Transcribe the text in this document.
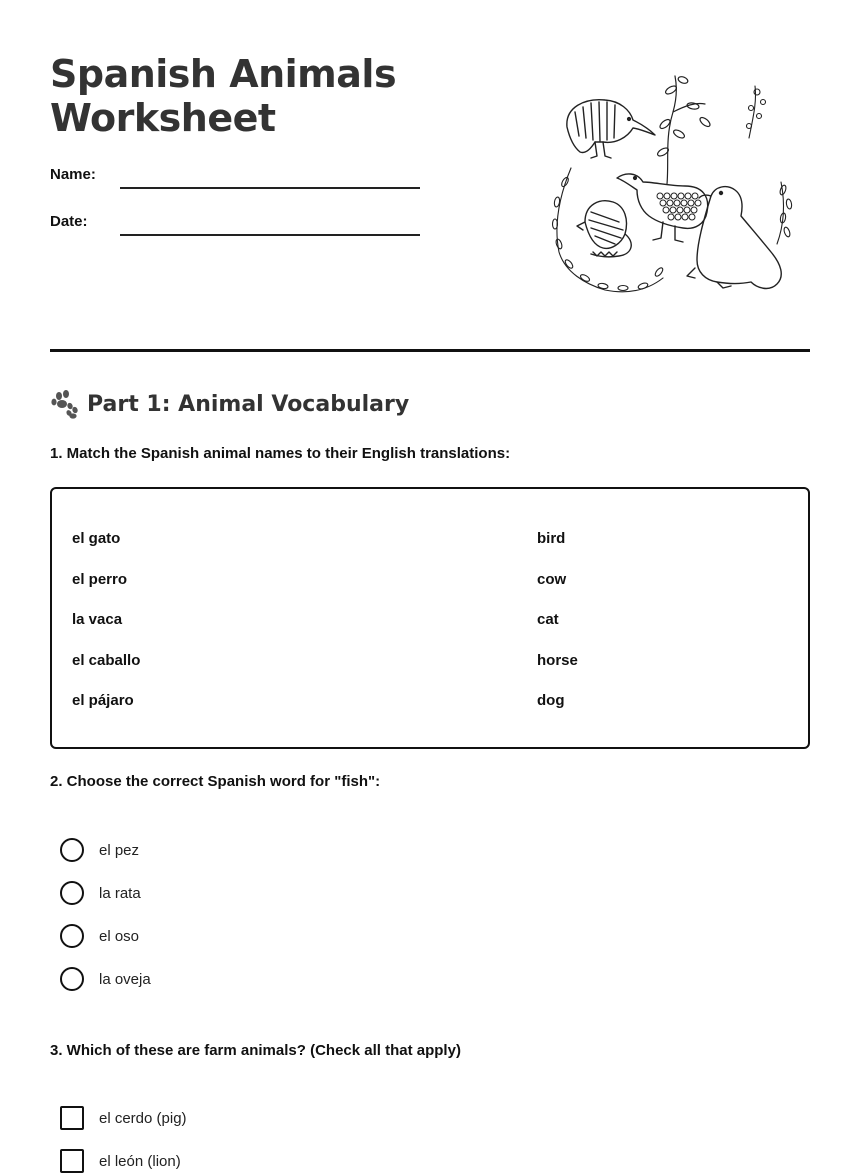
Spanish Animals Worksheet
Name:
Date:
Part 1: Animal Vocabulary
1. Match the Spanish animal names to their English translations:
el gato
el perro
la vaca
el caballo
el pájaro
bird
cow
cat
horse
dog
2. Choose the correct Spanish word for "fish":
el pez
la rata
el oso
la oveja
3. Which of these are farm animals? (Check all that apply)
el cerdo (pig)
el león (lion)
